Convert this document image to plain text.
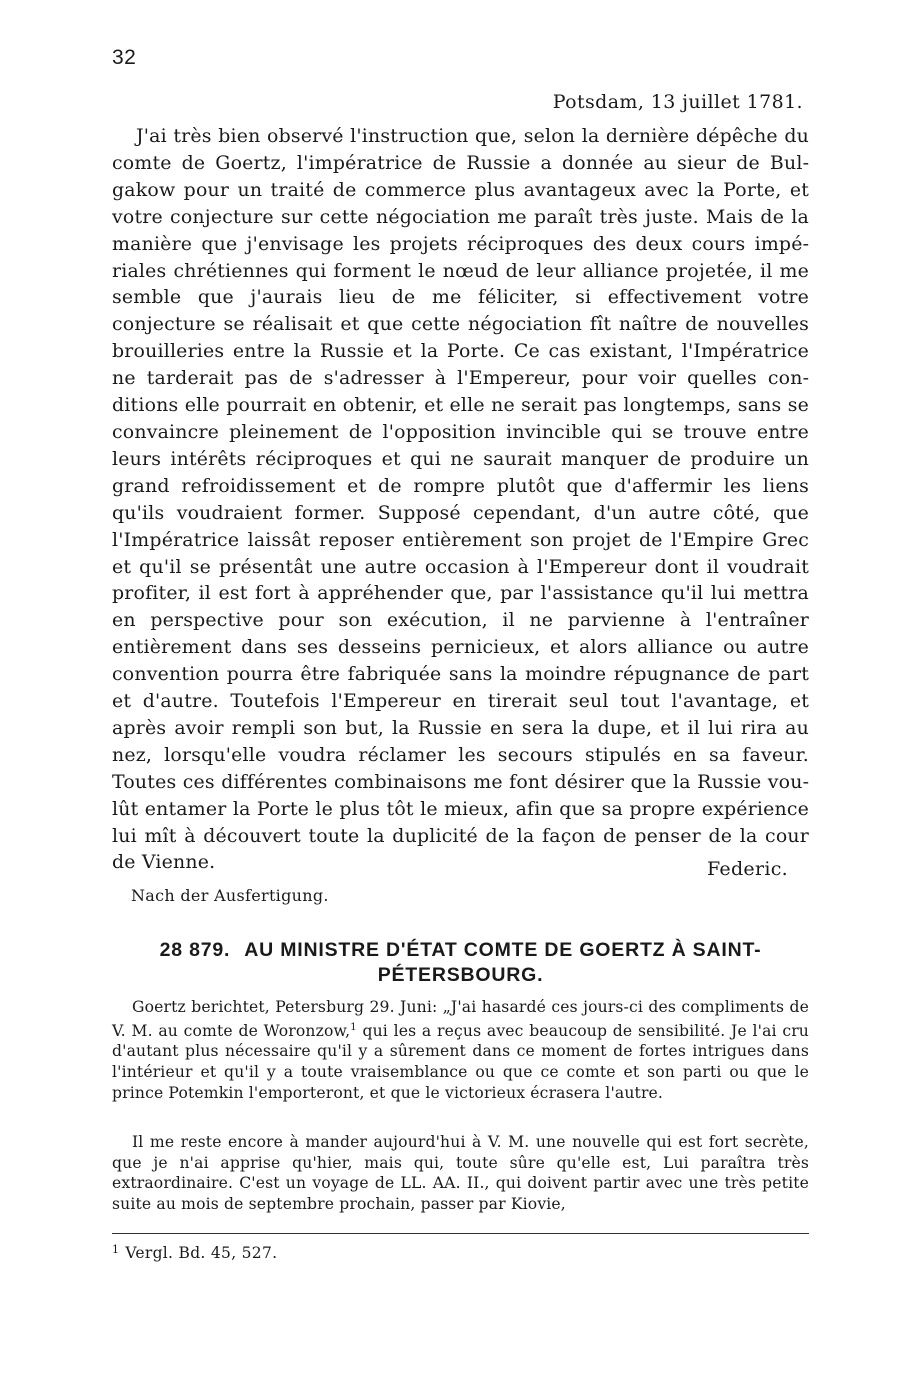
32
Potsdam, 13 juillet 1781.

J'ai très bien observé l'instruction que, selon la dernière dépêche du comte de Goertz, l'impératrice de Russie a donnée au sieur de Bulgakow pour un traité de commerce plus avantageux avec la Porte, et votre conjecture sur cette négociation me paraît très juste. Mais de la manière que j'envisage les projets réciproques des deux cours impériales chrétiennes qui forment le nœud de leur alliance projetée, il me semble que j'aurais lieu de me féliciter, si effectivement votre conjecture se réalisait et que cette négociation fît naître de nouvelles brouilleries entre la Russie et la Porte. Ce cas existant, l'Impératrice ne tarderait pas de s'adresser à l'Empereur, pour voir quelles conditions elle pourrait en obtenir, et elle ne serait pas longtemps, sans se convaincre pleinement de l'opposition invincible qui se trouve entre leurs intérêts réciproques et qui ne saurait manquer de produire un grand refroidissement et de rompre plutôt que d'affermir les liens qu'ils voudraient former. Supposé cependant, d'un autre côté, que l'Impératrice laissât reposer entièrement son projet de l'Empire Grec et qu'il se présentât une autre occasion à l'Empereur dont il voudrait profiter, il est fort à appréhender que, par l'assistance qu'il lui mettra en perspective pour son exécution, il ne parvienne à l'entraîner entièrement dans ses desseins pernicieux, et alors alliance ou autre convention pourra être fabriquée sans la moindre répugnance de part et d'autre. Toutefois l'Empereur en tirerait seul tout l'avantage, et après avoir rempli son but, la Russie en sera la dupe, et il lui rira au nez, lorsqu'elle voudra réclamer les secours stipulés en sa faveur. Toutes ces différentes combinaisons me font désirer que la Russie voulût entamer la Porte le plus tôt le mieux, afin que sa propre expérience lui mît à découvert toute la duplicité de la façon de penser de la cour de Vienne.	Federic.
Nach der Ausfertigung.
28 879. AU MINISTRE D'ÉTAT COMTE DE GOERTZ À SAINT-PÉTERSBOURG.

Goertz berichtet, Petersburg 29. Juni: „J'ai hasardé ces jours-ci des compliments de V. M. au comte de Woronzow,$^1$ qui les a reçus avec beaucoup de sensibilité. Je l'ai cru d'autant plus nécessaire qu'il y a sûrement dans ce moment de fortes intrigues dans l'intérieur et qu'il y a toute vraisemblance ou que ce comte et son parti ou que le prince Potemkin l'emporteront, et que le victorieux écrasera l'autre.

Il me reste encore à mander aujourd'hui à V. M. une nouvelle qui est fort secrète, que je n'ai apprise qu'hier, mais qui, toute sûre qu'elle est, Lui paraîtra très extraordinaire. C'est un voyage de LL. AA. II., qui doivent partir avec une très petite suite au mois de septembre prochain, passer par Kiovie,

$^1$ Vergl. Bd. 45, 527.
